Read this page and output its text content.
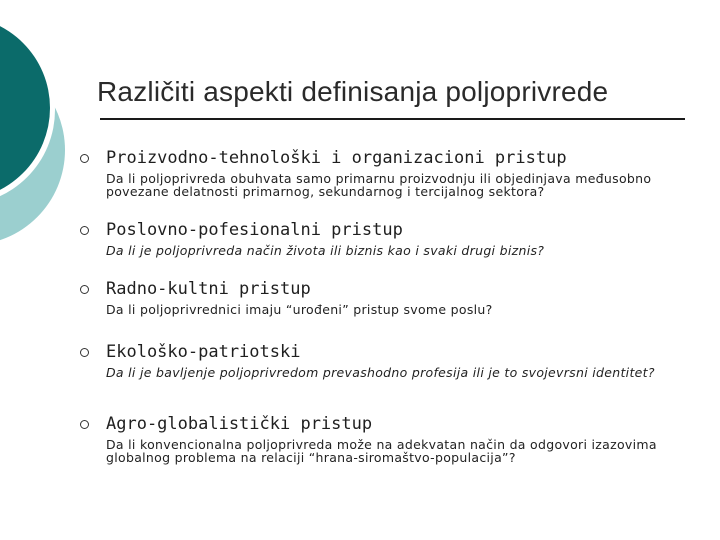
Različiti aspekti definisanja poljoprivrede
Proizvodno-tehnološki i organizacioni pristup
Da li poljoprivreda obuhvata samo primarnu proizvodnju ili objedinjava međusobno povezane delatnosti primarnog, sekundarnog i tercijalnog sektora?
Poslovno-pofesionalni pristup
Da li je poljoprivreda način života ili biznis kao i svaki drugi biznis?
Radno-kultni pristup
Da li poljoprivrednici imaju “urođeni” pristup svome poslu?
Ekološko-patriotski
Da li je bavljenje poljoprivredom prevashodno profesija ili je to svojevrsni identitet?
Agro-globalistički pristup
Da li konvencionalna poljoprivreda može na adekvatan način da odgovori izazovima globalnog problema na relaciji “hrana-siromaštvo-populacija”?
